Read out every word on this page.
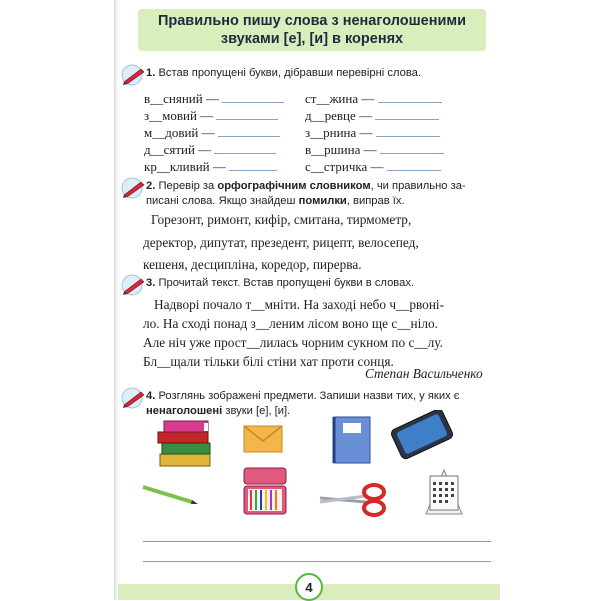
Правильно пишу слова з ненаголошеними
звуками [е], [и] в коренях
1. Встав пропущені букви, дібравши перевірні слова.
в__сняний —	ст__жина —
з__мовий —	д__ревце —
м__довий —	з__рнина —
д__сятий —	в__ршина —
кр__кливий —	с__стричка —
2. Перевір за орфографічним словником, чи правильно за-
писані слова. Якщо знайдеш помилки, виправ їх.
Горезонт, римонт, кифір, смитана, тирмометр,
деректор, дипутат, презедент, рицепт, велосепед,
кешеня, десципліна, коредор, пирерва.
3. Прочитай текст. Встав пропущені букви в словах.
Надворі почало т__мніти. На заході небо ч__рвоні-
ло. На сході понад з__леним лісом воно ще с__ніло.
Але ніч уже прост__лилась чорним сукном по с__лу.
Бл__щали тільки білі стіни хат проти сонця.
Степан Васильченко
4. Розглянь зображені предмети. Запиши назви тих, у яких є
ненаголошені звуки [е], [и].
4
